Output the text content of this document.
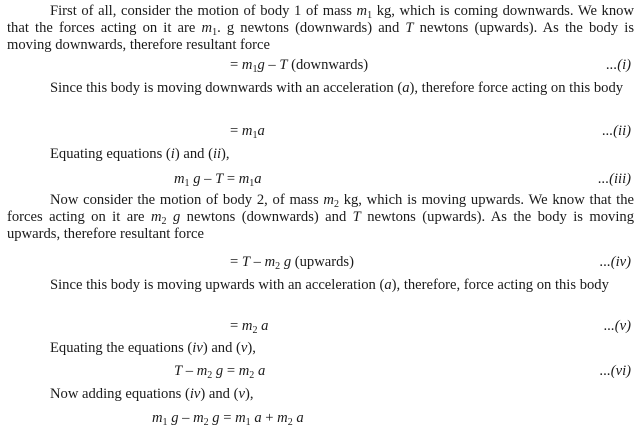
First of all, consider the motion of body 1 of mass $m_1$ kg, which is coming downwards. We know that the forces acting on it are $m_1$. g newtons (downwards) and T newtons (upwards). As the body is moving downwards, therefore resultant force

= $m_1g$ – T (downwards)	...(i)

Since this body is moving downwards with an acceleration (a), therefore force acting on this body

= $m_1a$	...(ii)
Equating equations (i) and (ii),
$m_1$ $g - T = m_1a$	...(iii)

Now consider the motion of body 2, of mass $m_2$ kg, which is moving upwards. We know that the forces acting on it are $m_2$ g newtons (downwards) and T newtons (upwards). As the body is moving upwards, therefore resultant force

= T – $m_2$ g (upwards)	...(iv)

Since this body is moving upwards with an acceleration (a), therefore, force acting on this body

= $m_2$ a	...(v)
Equating the equations (iv) and (v),
T – $m_2$ $g = m_2$ a	...(vi)
Now adding equations (iv) and (v),
$m_1$ g – $m_2$ $g = m_1$ $a + m_2$ a
